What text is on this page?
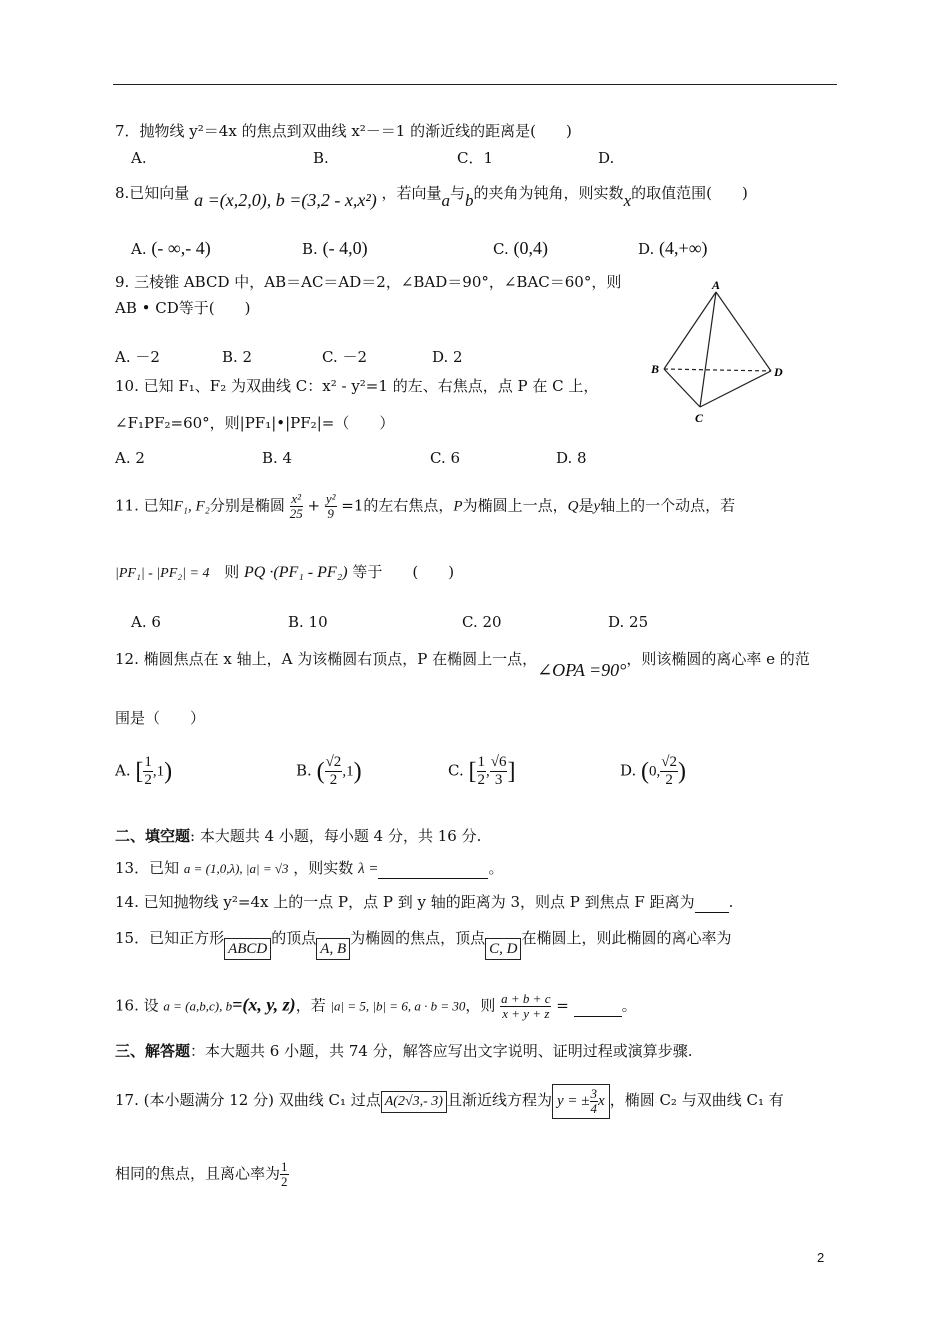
7．抛物线 y²＝4x 的焦点到双曲线 x²－＝1 的渐近线的距离是(　　)
A.	B.	C．1	D.
8.已知向量 a =(x,2,0), b =(3,2 - x,x²) ，若向量a与b的夹角为钝角，则实数x的取值范围(　　)
A. (- ∞,- 4)	B. (- 4,0)	C. (0,4)	D. (4,+∞)
9. 三棱锥 ABCD 中，AB＝AC＝AD＝2，∠BAD＝90°，∠BAC＝60°，则
AB • CD等于(　　)
A. －2	B. 2	C. －2	D. 2
A
B
C
D
10. 已知 F₁、F₂ 为双曲线 C：x² - y²=1 的左、右焦点，点 P 在 C 上，
∠F₁PF₂=60°，则|PF₁|•|PF₂|=（　　）
A. 2	B. 4	C. 6	D. 8
11. 已知F₁, F₂分别是椭圆 $\frac{\text{x²}}{25} + \frac{\text{y²}}{9} =1$的左右焦点，P为椭圆上一点，Q是y轴上的一个动点，若
|PF₁| - |PF₂| = 4 则 PQ ·(PF₁ - PF₂) 等于　　(　　)
A. 6	B. 10	C. 20	D. 25
12. 椭圆焦点在 x 轴上，A 为该椭圆右顶点，P 在椭圆上一点，∠OPA =90°，则该椭圆的离心率 e 的范
围是（　　）
A. [ $\frac{1}{2} ,1$)	B. ( $\frac{√2}{2} ,1$)	C. [ $\frac{1}{2}$ , $\frac{√6}{3}$ ]	D. (0, $\frac{√2}{2}$ )
二、填空题: 本大题共 4 小题，每小题 4 分，共 16 分.
13．已知 a = (1,0,λ), |a| = √3 ，则实数 λ =	。
14. 已知抛物线 y²=4x 上的一点 P，点 P 到 y 轴的距离为 3，则点 P 到焦点 F 距离为 .
15．已知正方形ABCD的顶点A, B为椭圆的焦点，顶点C, D在椭圆上，则此椭圆的离心率为
16. 设 a = (a,b,c), b=(x, y, z)，若 |a| = 5, |b| = 6, a · b = 30，则 $\frac{a + b + c}{x + y + z}$ =	。
三、解答题：本大题共 6 小题，共 74 分，解答应写出文字说明、证明过程或演算步骤.
17. (本小题满分 12 分) 双曲线 C₁ 过点 A(2√3,- 3) 且渐近线方程为 y = ± $\frac{3}{4}$ x ，椭圆 C₂ 与双曲线 C₁ 有
相同的焦点，且离心率为 $\frac{1}{2}$
2
